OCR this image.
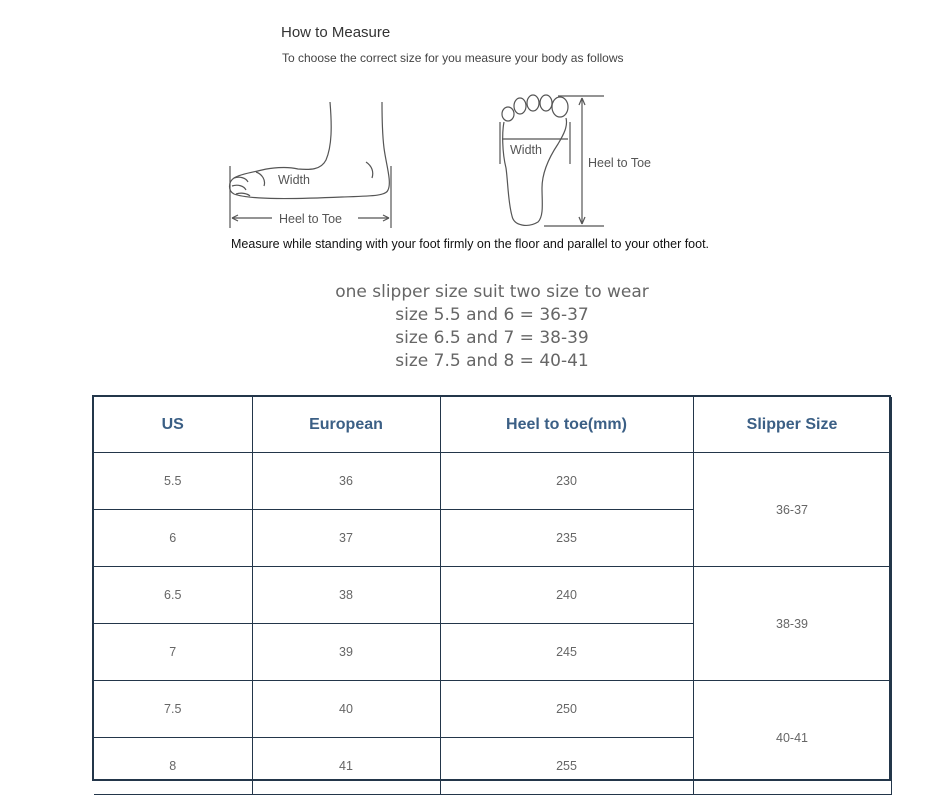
How to Measure
To choose the correct size for you measure your body as follows
Width
Heel to Toe
Width
Heel to Toe
Measure while standing with your foot firmly on the floor and parallel to your other foot.
one slipper size suit two size to wear
size 5.5 and 6 = 36-37
size 6.5 and 7 = 38-39
size 7.5 and 8 = 40-41
US	European	Heel to toe(mm)	Slipper Size
5.5	36	230	36-37
6	37	235	
6.5	38	240	38-39
7	39	245	
7.5	40	250	40-41
8	41	255	
